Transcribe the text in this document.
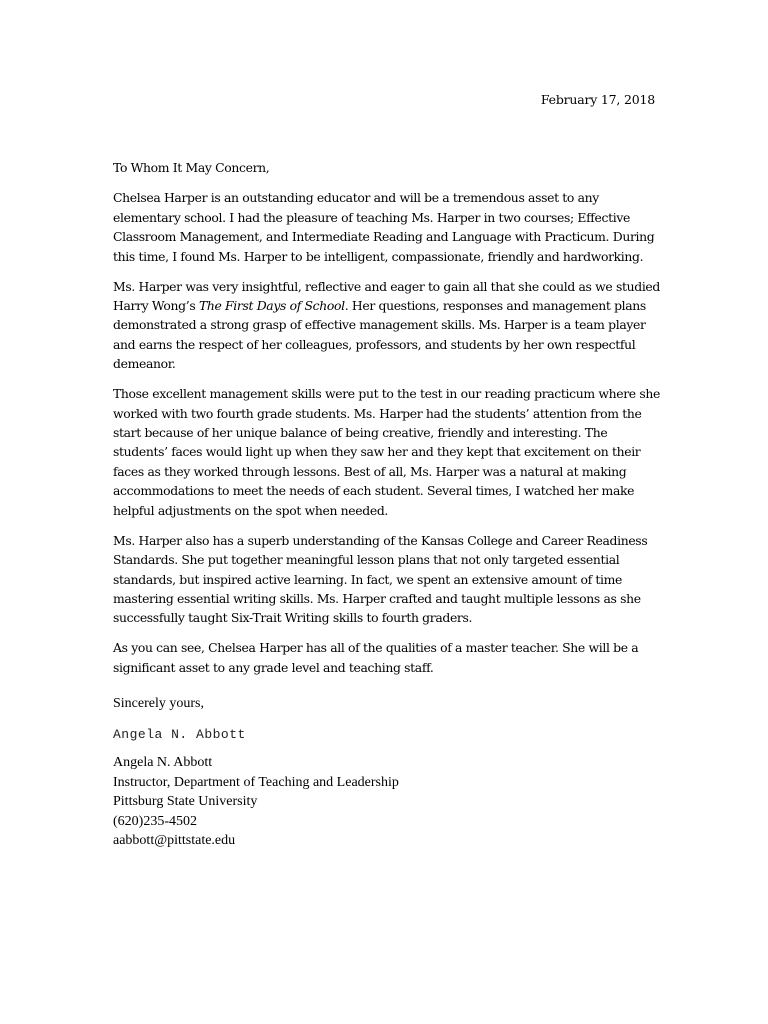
February 17, 2018

To Whom It May Concern,

Chelsea Harper is an outstanding educator and will be a tremendous asset to any elementary school. I had the pleasure of teaching Ms. Harper in two courses; Effective Classroom Management, and Intermediate Reading and Language with Practicum. During this time, I found Ms. Harper to be intelligent, compassionate, friendly and hardworking.

Ms. Harper was very insightful, reflective and eager to gain all that she could as we studied Harry Wong’s The First Days of School. Her questions, responses and management plans demonstrated a strong grasp of effective management skills. Ms. Harper is a team player and earns the respect of her colleagues, professors, and students by her own respectful demeanor.

Those excellent management skills were put to the test in our reading practicum where she worked with two fourth grade students. Ms. Harper had the students’ attention from the start because of her unique balance of being creative, friendly and interesting. The students’ faces would light up when they saw her and they kept that excitement on their faces as they worked through lessons. Best of all, Ms. Harper was a natural at making accommodations to meet the needs of each student. Several times, I watched her make helpful adjustments on the spot when needed.

Ms. Harper also has a superb understanding of the Kansas College and Career Readiness Standards. She put together meaningful lesson plans that not only targeted essential standards, but inspired active learning. In fact, we spent an extensive amount of time mastering essential writing skills. Ms. Harper crafted and taught multiple lessons as she successfully taught Six-Trait Writing skills to fourth graders.

As you can see, Chelsea Harper has all of the qualities of a master teacher. She will be a significant asset to any grade level and teaching staff.

Sincerely yours,
Angela N. Abbott
Angela N. Abbott
Instructor, Department of Teaching and Leadership
Pittsburg State University
(620)235-4502
aabbott@pittstate.edu
